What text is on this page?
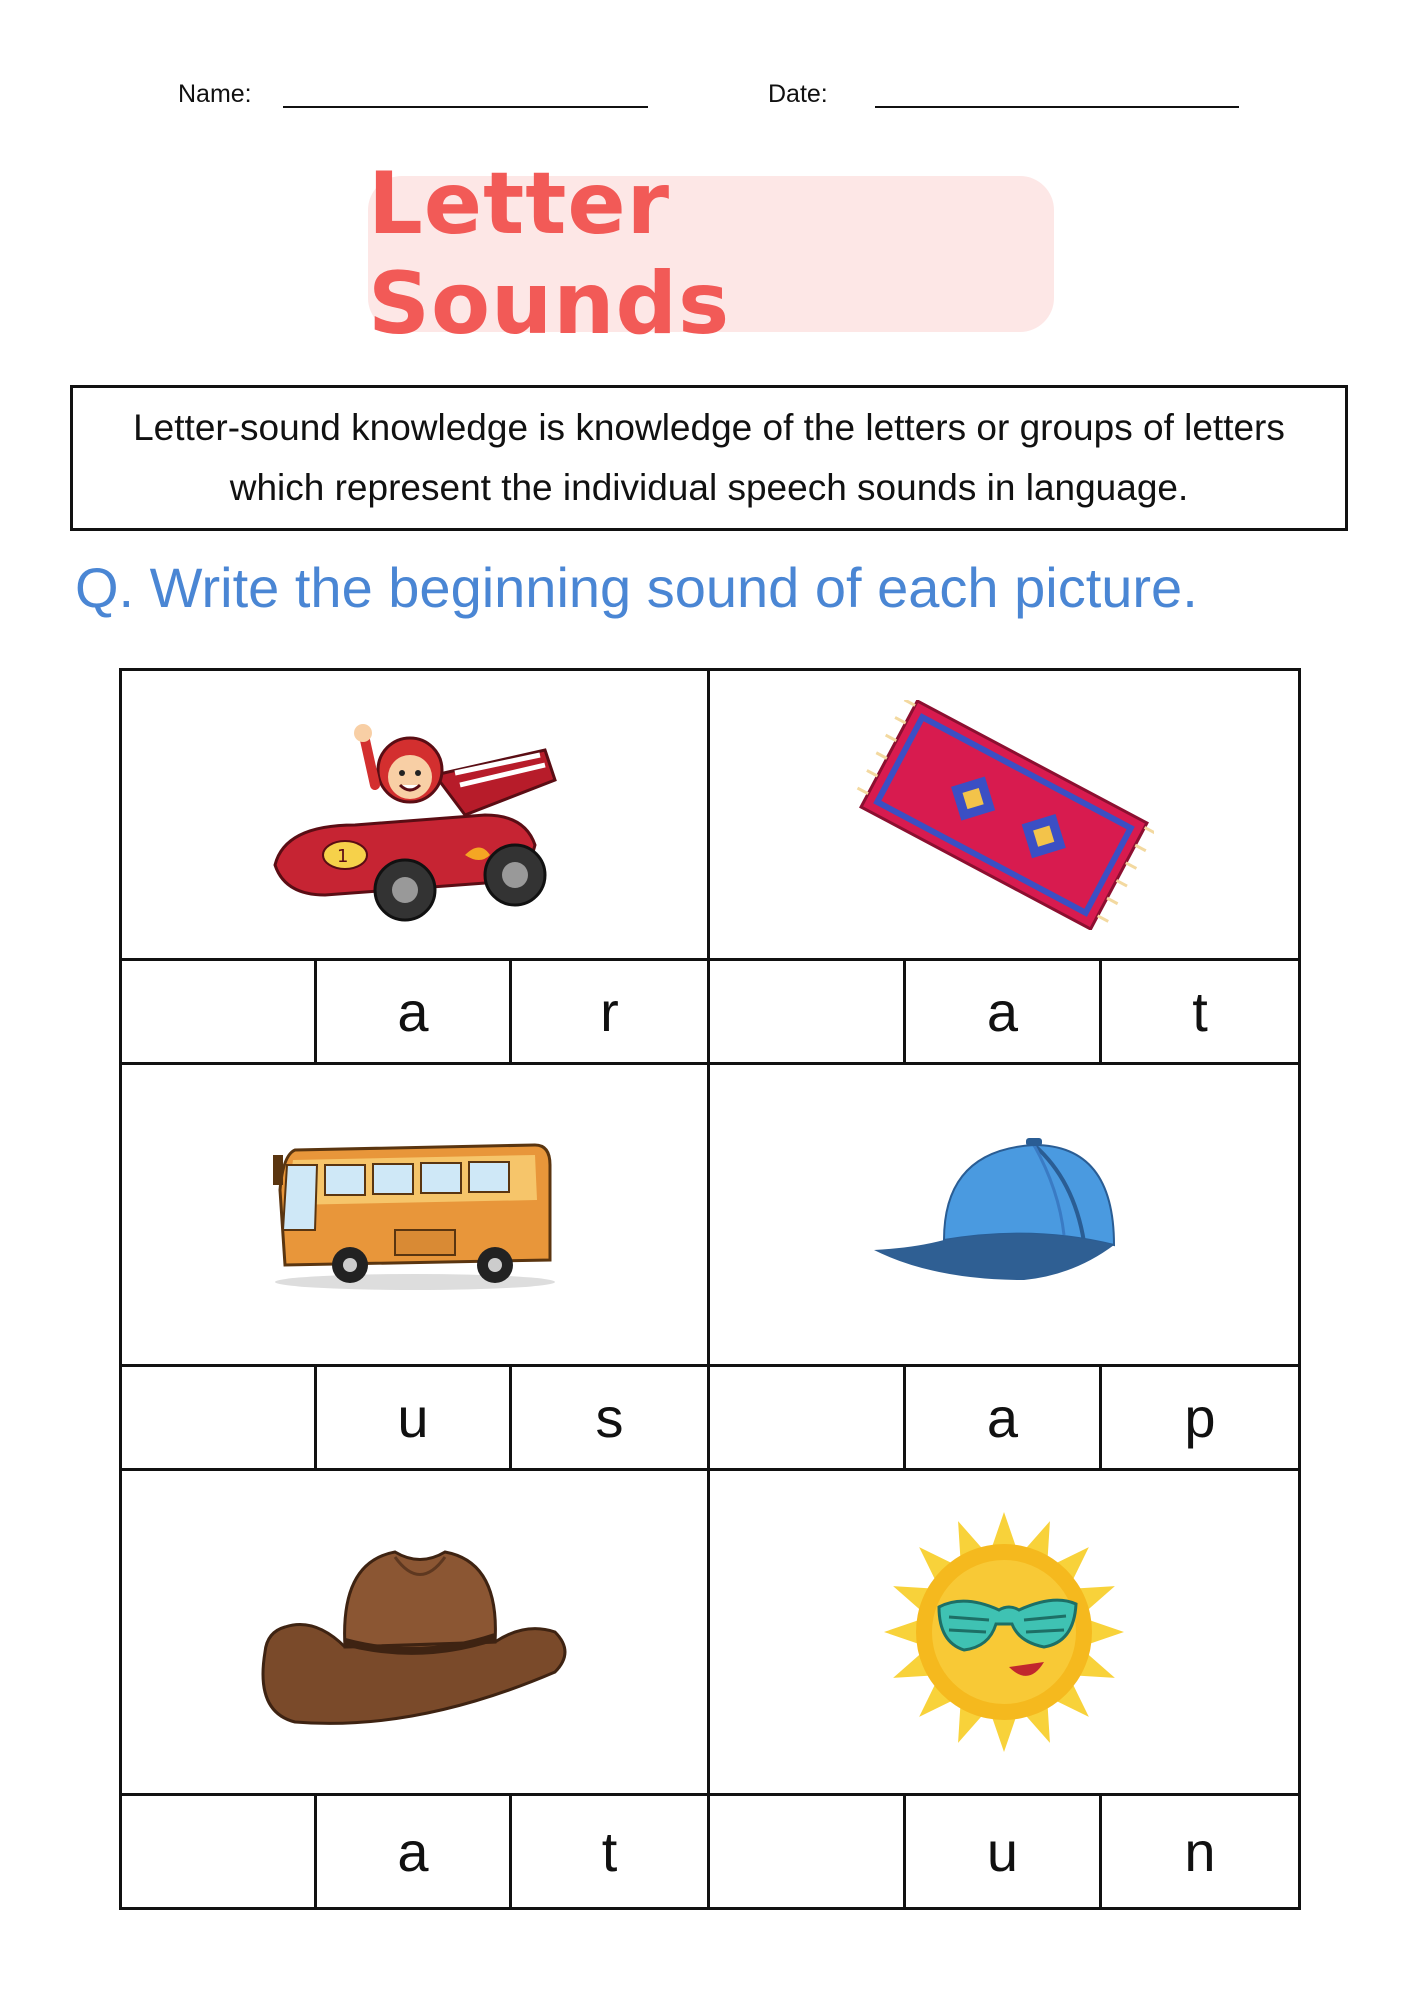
Name:	Date:
Letter Sounds
Letter-sound knowledge is knowledge of the letters or groups of letters which represent the individual speech sounds in language.
Q. Write the beginning sound of each picture.
1
a	r	a	t
u	s	a	p
a	t	u	n
